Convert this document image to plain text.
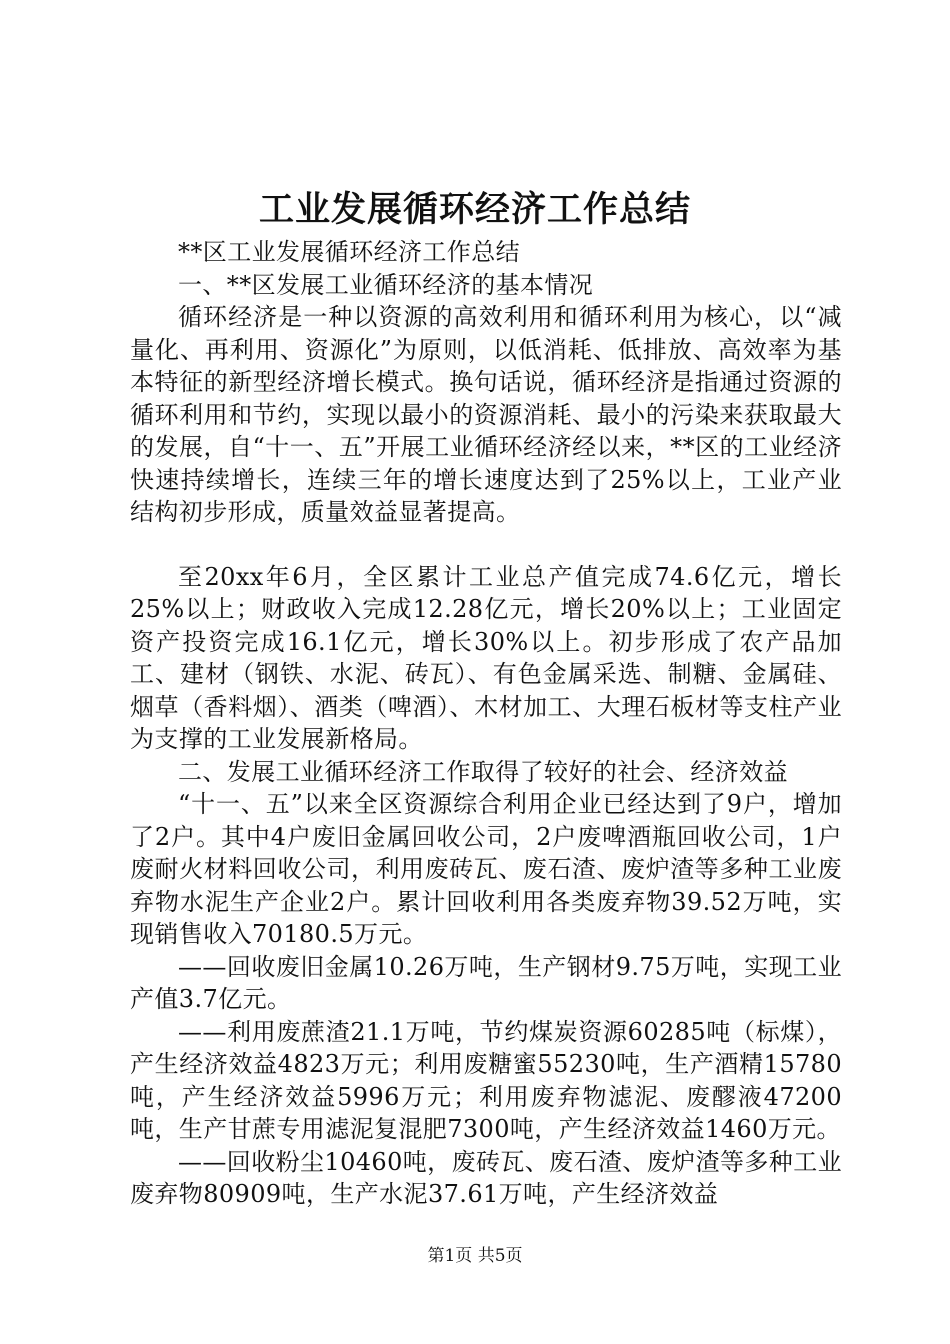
工业发展循环经济工作总结

**区工业发展循环经济工作总结

一、**区发展工业循环经济的基本情况

循环经济是一种以资源的高效利用和循环利用为核心，以“减量化、再利用、资源化”为原则，以低消耗、低排放、高效率为基本特征的新型经济增长模式。换句话说，循环经济是指通过资源的循环利用和节约，实现以最小的资源消耗、最小的污染来获取最大的发展，自“十一、五”开展工业循环经济经以来，**区的工业经济快速持续增长，连续三年的增长速度达到了25%以上，工业产业结构初步形成，质量效益显著提高。

至20xx年6月，全区累计工业总产值完成74.6亿元，增长25%以上；财政收入完成12.28亿元，增长20%以上；工业固定资产投资完成16.1亿元，增长30%以上。初步形成了农产品加工、建材（钢铁、水泥、砖瓦）、有色金属采选、制糖、金属硅、烟草（香料烟）、酒类（啤酒）、木材加工、大理石板材等支柱产业为支撑的工业发展新格局。

二、发展工业循环经济工作取得了较好的社会、经济效益

“十一、五”以来全区资源综合利用企业已经达到了9户，增加了2户。其中4户废旧金属回收公司，2户废啤酒瓶回收公司，1户废耐火材料回收公司，利用废砖瓦、废石渣、废炉渣等多种工业废弃物水泥生产企业2户。累计回收利用各类废弃物39.52万吨，实现销售收入70180.5万元。

——回收废旧金属10.26万吨，生产钢材9.75万吨，实现工业产值3.7亿元。

——利用废蔗渣21.1万吨，节约煤炭资源60285吨（标煤），产生经济效益4823万元；利用废糖蜜55230吨，生产酒精15780吨，产生经济效益5996万元；利用废弃物滤泥、废醪液47200吨，生产甘蔗专用滤泥复混肥7300吨，产生经济效益1460万元。

——回收粉尘10460吨，废砖瓦、废石渣、废炉渣等多种工业废弃物80909吨，生产水泥37.61万吨，产生经济效益

第1页 共5页
